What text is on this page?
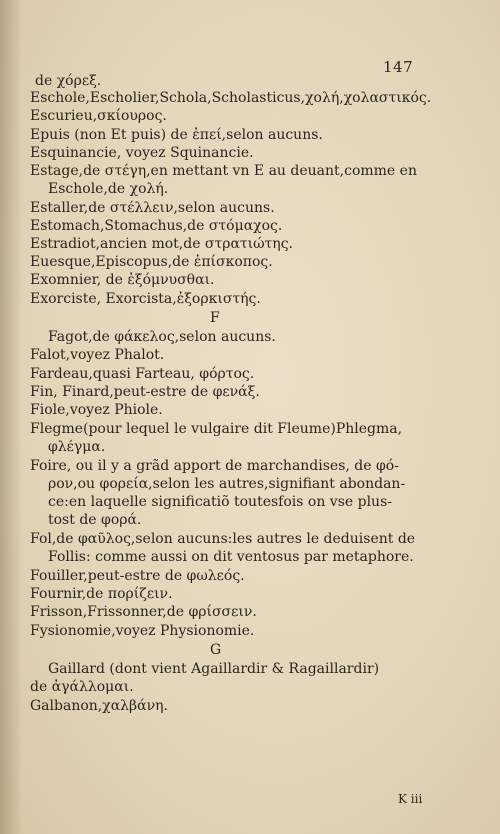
147
de χόρεξ.
Eschole,Escholier,Schola,Scholasticus,χολή,χολαστικός.
Escurieu,σκίουρος.
Epuis (non Et puis) de ἐπεί,selon aucuns.
Esquinancie, voyez Squinancie.
Estage,de στέγη,en mettant vn E au deuant,comme en
Eschole,de χολή.
Estaller,de στέλλειν,selon aucuns.
Estomach,Stomachus,de στόμαχος.
Estradiot,ancien mot,de στρατιώτης.
Euesque,Episcopus,de ἐπίσκοπος.
Exomnier, de ἐξόμνυσθαι.
Exorciste, Exorcista,ἐξορκιστής.
Fagot,de φάκελος,selon aucuns.
Falot,voyez Phalot.
Fardeau,quasi Farteau, φόρτος.
Fin, Finard,peut-estre de φενάξ.
Fiole,voyez Phiole.
Flegme(pour lequel le vulgaire dit Fleume)Phlegma,
φλέγμα.
Foire, ou il y a grãd apport de marchandises, de φό-
ρον,ou φορεία,selon les autres,signifiant abondan-
ce:en laquelle significatiõ toutesfois on vse plus-
tost de φορά.
Fol,de φαῦλος,selon aucuns:les autres le deduisent de
Follis: comme aussi on dit ventosus par metaphore.
Fouiller,peut-estre de φωλεός.
Fournir,de πορίζειν.
Frisson,Frissonner,de φρίσσειν.
Fysionomie,voyez Physionomie.
Gaillard (dont vient Agaillardir & Ragaillardir)
de ἀγάλλομαι.
Galbanon,χαλβάνη.
F
G
K iii
